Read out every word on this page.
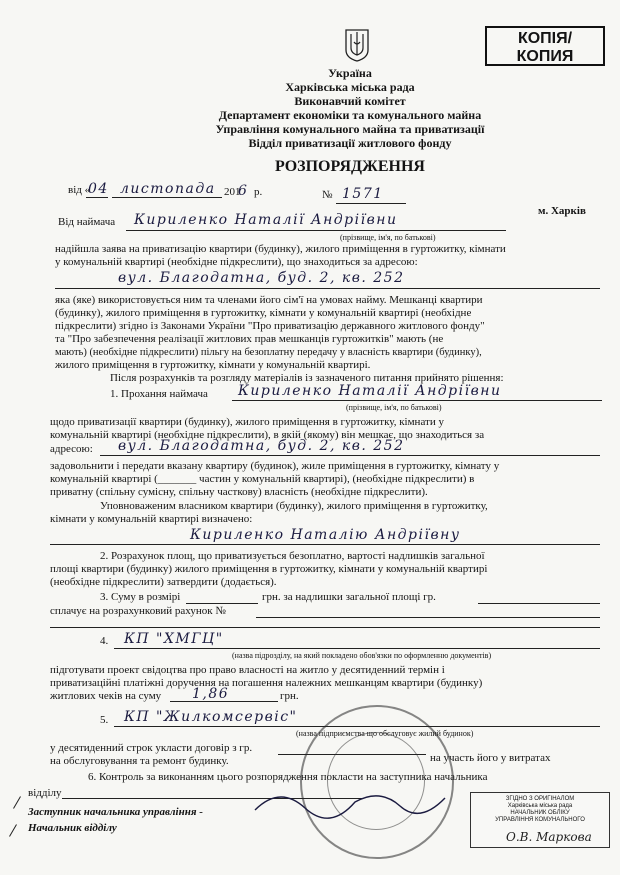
КОПІЯ/
КОПИЯ
Україна
Харківська міська рада
Виконавчий комітет
Департамент економіки та комунального майна
Управління комунального майна та приватизації
Відділ приватизації житлового фонду
РОЗПОРЯДЖЕННЯ
від «
04 листопада 201
6 р.	№ 1571
м. Харків
Від наймача Кириленко Наталії Андріївни
(прізвище, ім'я, по батькові)
надійшла заява на приватизацію квартири (будинку), жилого приміщення в гуртожитку, кімнати
у комунальній квартирі (необхідне підкреслити), що знаходиться за адресою:
вул. Благодатна, буд. 2, кв. 252
яка (яке) використовується ним та членами його сім'ї на умовах найму. Мешканці квартири
(будинку), жилого приміщення в гуртожитку, кімнати у комунальній квартирі (необхідне
підкреслити) згідно із Законами України "Про приватизацію державного житлового фонду"
та "Про забезпечення реалізації житлових прав мешканців гуртожитків" мають (не
мають) (необхідне підкреслити) пільгу на безоплатну передачу у власність квартири (будинку),
жилого приміщення в гуртожитку, кімнати у комунальній квартирі.
Після розрахунків та розгляду матеріалів із зазначеного питання прийнято рішення:
1. Прохання наймача Кириленко Наталії Андріївни
(прізвище, ім'я, по батькові)
щодо приватизації квартири (будинку), жилого приміщення в гуртожитку, кімнати у
комунальній квартирі (необхідне підкреслити), в якій (якому) він мешкає, що знаходиться за
адресою: вул. Благодатна, буд. 2, кв. 252
задовольнити і передати вказану квартиру (будинок), жиле приміщення в гуртожитку, кімнату у
комунальній квартирі (_______ частин у комунальній квартирі), (необхідне підкреслити) в
приватну (спільну сумісну, спільну часткову) власність (необхідне підкреслити).
Уповноваженим власником квартири (будинку), жилого приміщення в гуртожитку,
кімнати у комунальній квартирі визначено:
Кириленко Наталію Андріївну
2. Розрахунок площ, що приватизується безоплатно, вартості надлишків загальної
площі квартири (будинку) жилого приміщення в гуртожитку, кімнати у комунальній квартирі
(необхідне підкреслити) затвердити (додається).
3. Суму в розмірі	грн. за надлишки загальної площі гр.
сплачує на розрахунковий рахунок №
4. КП "ХМГЦ"
(назва підрозділу, на який покладено обов'язки по оформленню документів)
підготувати проект свідоцтва про право власності на житло у десятиденний термін і
приватизаційні платіжні доручення на погашення належних мешканцям квартири (будинку)
житлових чеків на суму 1,86	грн.
5. КП "Жилкомсервіс"
(назва підприємства що обслуговує жилий будинок)
у десятиденний строк укласти договір з гр.
на участь його у витратах
на обслуговування та ремонт будинку.
6. Контроль за виконанням цього розпорядження покласти на заступника начальника
відділу
Заступник начальника управління -
Начальник відділу
ЗГІДНО З ОРИГІНАЛОМ
Харківська міська рада
НАЧАЛЬНИК ОБЛІКУ
УПРАВЛІННЯ КОМУНАЛЬНОГО
О.В. Маркова
